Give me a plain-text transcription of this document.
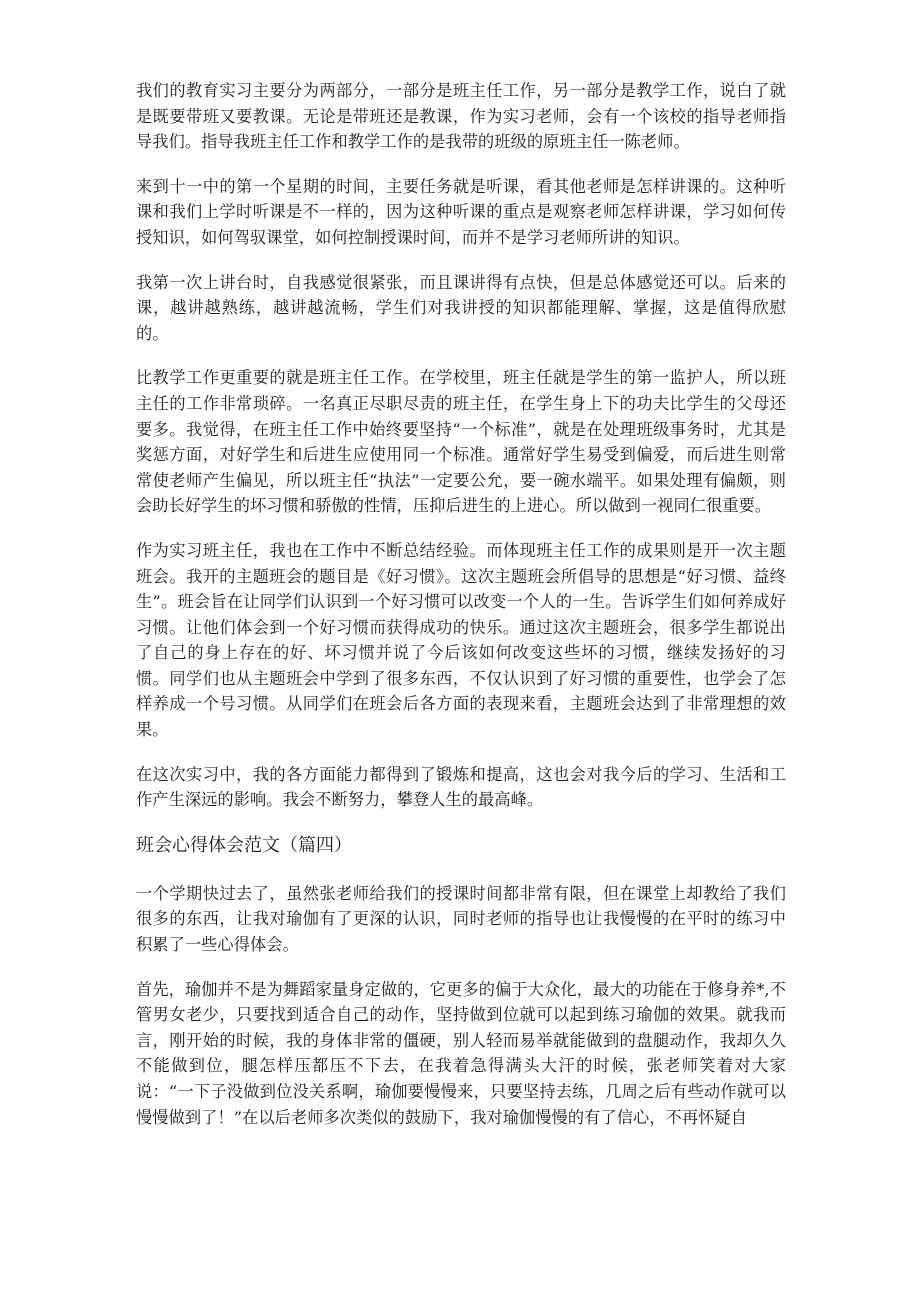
我们的教育实习主要分为两部分，一部分是班主任工作，另一部分是教学工作，说白了就是既要带班又要教课。无论是带班还是教课，作为实习老师，会有一个该校的指导老师指导我们。指导我班主任工作和教学工作的是我带的班级的原班主任一陈老师。

来到十一中的第一个星期的时间，主要任务就是听课，看其他老师是怎样讲课的。这种听课和我们上学时听课是不一样的，因为这种听课的重点是观察老师怎样讲课，学习如何传授知识，如何驾驭课堂，如何控制授课时间，而并不是学习老师所讲的知识。

我第一次上讲台时，自我感觉很紧张，而且课讲得有点快，但是总体感觉还可以。后来的课，越讲越熟练，越讲越流畅，学生们对我讲授的知识都能理解、掌握，这是值得欣慰的。

比教学工作更重要的就是班主任工作。在学校里，班主任就是学生的第一监护人，所以班主任的工作非常琐碎。一名真正尽职尽责的班主任，在学生身上下的功夫比学生的父母还要多。我觉得，在班主任工作中始终要坚持“一个标准”，就是在处理班级事务时，尤其是奖惩方面，对好学生和后进生应使用同一个标准。通常好学生易受到偏爱，而后进生则常常使老师产生偏见，所以班主任“执法”一定要公允，要一碗水端平。如果处理有偏颇，则会助长好学生的坏习惯和骄傲的性情，压抑后进生的上进心。所以做到一视同仁很重要。

作为实习班主任，我也在工作中不断总结经验。而体现班主任工作的成果则是开一次主题班会。我开的主题班会的题目是《好习惯》。这次主题班会所倡导的思想是“好习惯、益终生”。班会旨在让同学们认识到一个好习惯可以改变一个人的一生。告诉学生们如何养成好习惯。让他们体会到一个好习惯而获得成功的快乐。通过这次主题班会，很多学生都说出了自己的身上存在的好、坏习惯并说了今后该如何改变这些坏的习惯，继续发扬好的习惯。同学们也从主题班会中学到了很多东西，不仅认识到了好习惯的重要性，也学会了怎样养成一个号习惯。从同学们在班会后各方面的表现来看，主题班会达到了非常理想的效果。

在这次实习中，我的各方面能力都得到了锻炼和提高，这也会对我今后的学习、生活和工作产生深远的影响。我会不断努力，攀登人生的最高峰。

班会心得体会范文（篇四）

一个学期快过去了，虽然张老师给我们的授课时间都非常有限，但在课堂上却教给了我们很多的东西，让我对瑜伽有了更深的认识，同时老师的指导也让我慢慢的在平时的练习中积累了一些心得体会。

首先，瑜伽并不是为舞蹈家量身定做的，它更多的偏于大众化，最大的功能在于修身养*,不管男女老少，只要找到适合自己的动作，坚持做到位就可以起到练习瑜伽的效果。就我而言，刚开始的时候，我的身体非常的僵硬，别人轻而易举就能做到的盘腿动作，我却久久不能做到位，腿怎样压都压不下去，在我着急得满头大汗的时候，张老师笑着对大家说：“一下子没做到位没关系啊，瑜伽要慢慢来，只要坚持去练，几周之后有些动作就可以慢慢做到了！”在以后老师多次类似的鼓励下，我对瑜伽慢慢的有了信心，不再怀疑自
